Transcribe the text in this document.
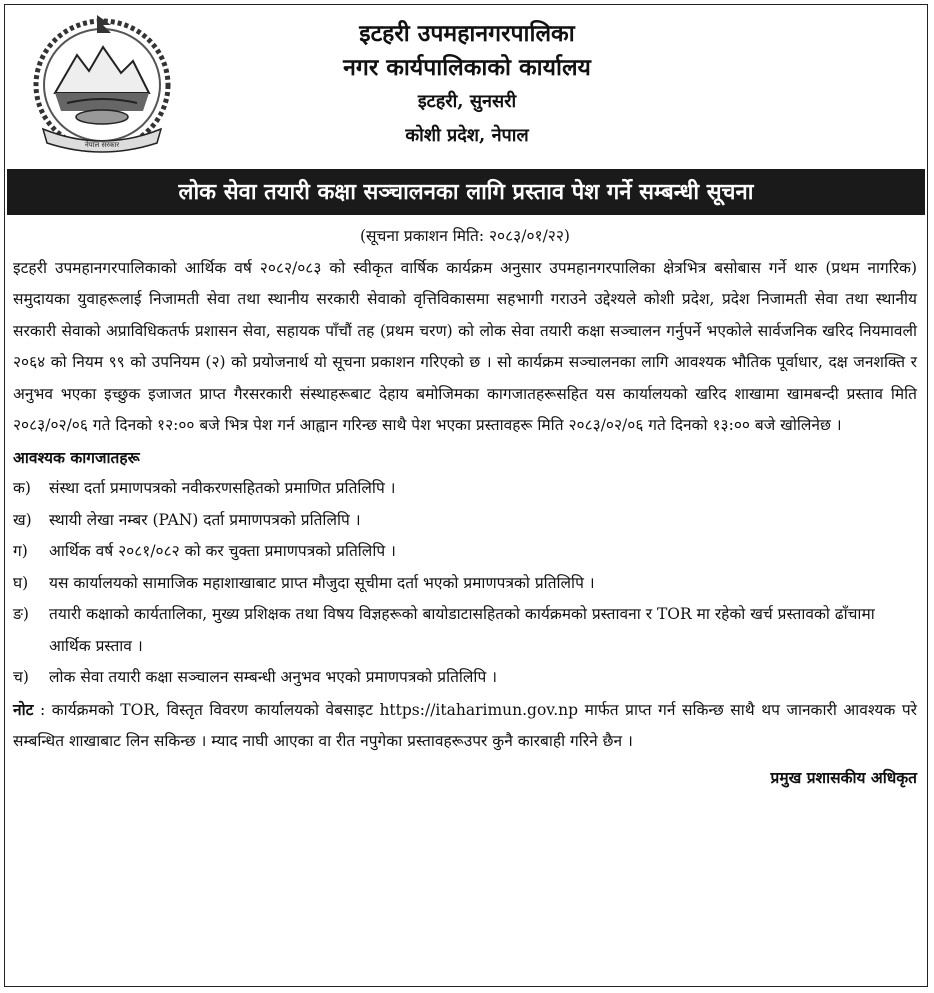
नेपाल सरकार
इटहरी उपमहानगरपालिका
नगर कार्यपालिकाको कार्यालय
इटहरी, सुनसरी
कोशी प्रदेश, नेपाल
लोक सेवा तयारी कक्षा सञ्चालनका लागि प्रस्ताव पेश गर्ने सम्बन्धी सूचना
(सूचना प्रकाशन मिति: २०८३/०१/२२)
इटहरी उपमहानगरपालिकाको आर्थिक वर्ष २०८२/०८३ को स्वीकृत वार्षिक कार्यक्रम अनुसार उपमहानगरपालिका क्षेत्रभित्र बसोबास गर्ने थारु (प्रथम नागरिक) समुदायका युवाहरूलाई निजामती सेवा तथा स्थानीय सरकारी सेवाको वृत्तिविकासमा सहभागी गराउने उद्देश्यले कोशी प्रदेश, प्रदेश निजामती सेवा तथा स्थानीय सरकारी सेवाको अप्राविधिकतर्फ प्रशासन सेवा, सहायक पाँचौं तह (प्रथम चरण) को लोक सेवा तयारी कक्षा सञ्चालन गर्नुपर्ने भएकोले सार्वजनिक खरिद नियमावली २०६४ को नियम ९९ को उपनियम (२) को प्रयोजनार्थ यो सूचना प्रकाशन गरिएको छ । सो कार्यक्रम सञ्चालनका लागि आवश्यक भौतिक पूर्वाधार, दक्ष जनशक्ति र अनुभव भएका इच्छुक इजाजत प्राप्त गैरसरकारी संस्थाहरूबाट देहाय बमोजिमका कागजातहरूसहित यस कार्यालयको खरिद शाखामा खामबन्दी प्रस्ताव मिति २०८३/०२/०६ गते दिनको १२:०० बजे भित्र पेश गर्न आह्वान गरिन्छ साथै पेश भएका प्रस्तावहरू मिति २०८३/०२/०६ गते दिनको १३:०० बजे खोलिनेछ ।
आवश्यक कागजातहरू
क)	संस्था दर्ता प्रमाणपत्रको नवीकरणसहितको प्रमाणित प्रतिलिपि ।
ख)	स्थायी लेखा नम्बर (PAN) दर्ता प्रमाणपत्रको प्रतिलिपि ।
ग)	आर्थिक वर्ष २०८१/०८२ को कर चुक्ता प्रमाणपत्रको प्रतिलिपि ।
घ)	यस कार्यालयको सामाजिक महाशाखाबाट प्राप्त मौजुदा सूचीमा दर्ता भएको प्रमाणपत्रको प्रतिलिपि ।
ङ)	तयारी कक्षाको कार्यतालिका, मुख्य प्रशिक्षक तथा विषय विज्ञहरूको बायोडाटासहितको कार्यक्रमको प्रस्तावना र TOR मा रहेको खर्च प्रस्तावको ढाँचामा आर्थिक प्रस्ताव ।
च)	लोक सेवा तयारी कक्षा सञ्चालन सम्बन्धी अनुभव भएको प्रमाणपत्रको प्रतिलिपि ।
नोट : कार्यक्रमको TOR, विस्तृत विवरण कार्यालयको वेबसाइट https://itaharimun.gov.np मार्फत प्राप्त गर्न सकिन्छ साथै थप जानकारी आवश्यक परे सम्बन्धित शाखाबाट लिन सकिन्छ । म्याद नाघी आएका वा रीत नपुगेका प्रस्तावहरूउपर कुनै कारबाही गरिने छैन ।
प्रमुख प्रशासकीय अधिकृत
